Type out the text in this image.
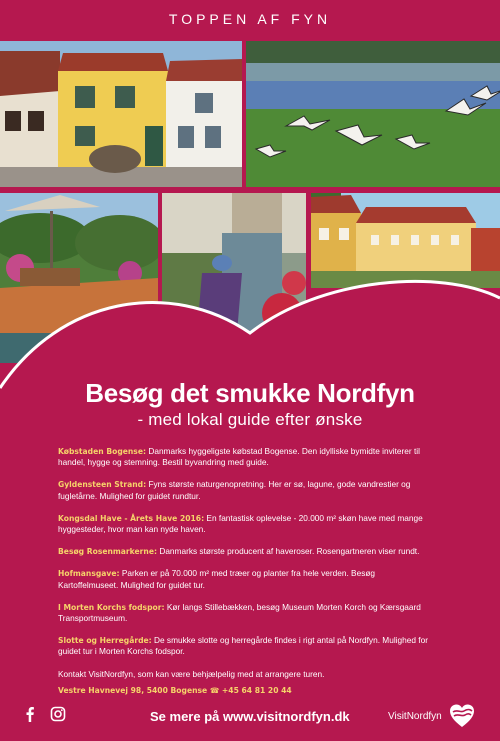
TOPPEN AF FYN
Besøg det smukke Nordfyn
- med lokal guide efter ønske

Købstaden Bogense: Danmarks hyggeligste købstad Bogense. Den idylliske bymidte inviterer til handel, hygge og stemning. Bestil byvandring med guide.

Gyldensteen Strand: Fyns største naturgenopretning. Her er sø, lagune, gode vandrestier og fugletårne. Mulighed for guidet rundtur.

Kongsdal Have - Årets Have 2016: En fantastisk oplevelse - 20.000 m² skøn have med mange hyggesteder, hvor man kan nyde haven.

Besøg Rosenmarkerne: Danmarks største producent af haveroser. Rosengartneren viser rundt.

Hofmansgave: Parken er på 70.000 m² med træer og planter fra hele verden. Besøg Kartoffelmuseet. Mulighed for guidet tur.

I Morten Korchs fodspor: Kør langs Stillebækken, besøg Museum Morten Korch og Kærsgaard Transportmuseum.

Slotte og Herregårde: De smukke slotte og herregårde findes i rigt antal på Nordfyn. Mulighed for guidet tur i Morten Korchs fodspor.

Kontakt VisitNordfyn, som kan være behjælpelig med at arrangere turen.

Vestre Havnevej 98, 5400 Bogense ☎ +45 64 81 20 44

Se mere på www.visitnordfyn.dk	VisitNordfyn
